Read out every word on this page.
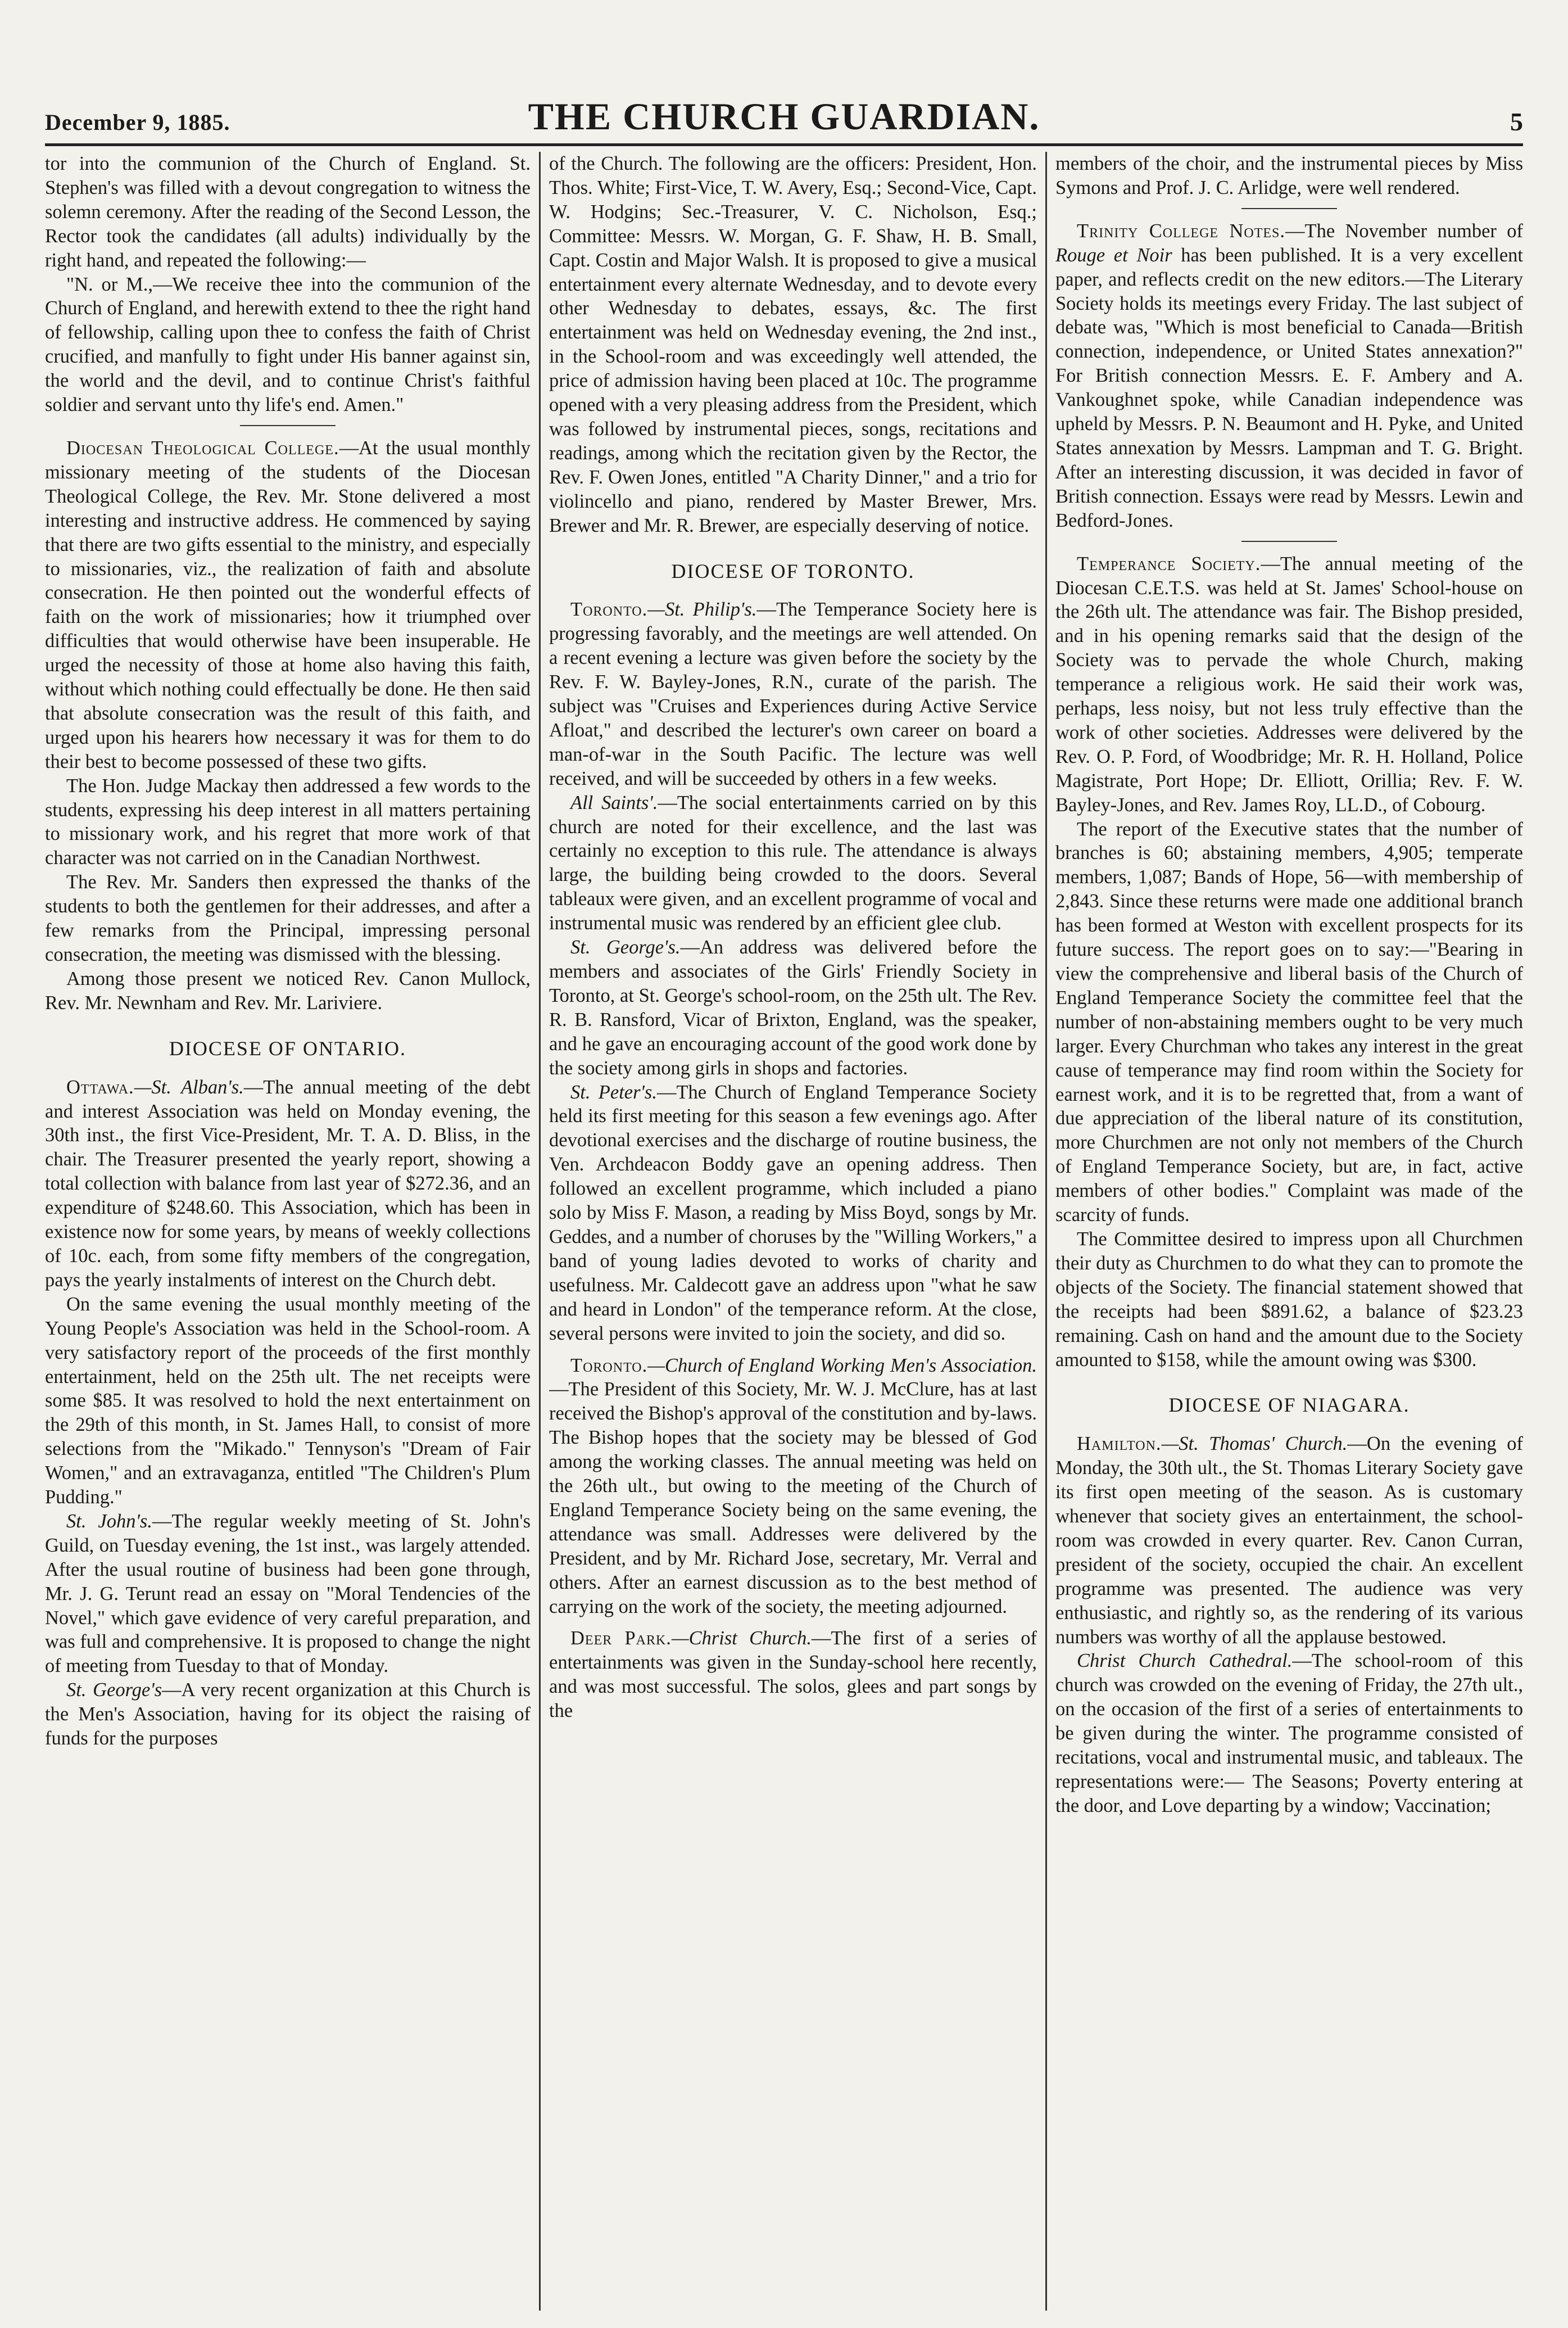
December 9, 1885.	THE CHURCH GUARDIAN.	5

tor into the communion of the Church of England. St. Stephen's was filled with a devout congregation to witness the solemn ceremony. After the reading of the Second Lesson, the Rector took the candidates (all adults) individually by the right hand, and repeated the following:—

"N. or M.,—We receive thee into the communion of the Church of England, and herewith extend to thee the right hand of fellowship, calling upon thee to confess the faith of Christ crucified, and manfully to fight under His banner against sin, the world and the devil, and to continue Christ's faithful soldier and servant unto thy life's end. Amen."

Diocesan Theological College.—At the usual monthly missionary meeting of the students of the Diocesan Theological College, the Rev. Mr. Stone delivered a most interesting and instructive address. He commenced by saying that there are two gifts essential to the ministry, and especially to missionaries, viz., the realization of faith and absolute consecration. He then pointed out the wonderful effects of faith on the work of missionaries; how it triumphed over difficulties that would otherwise have been insuperable. He urged the necessity of those at home also having this faith, without which nothing could effectually be done. He then said that absolute consecration was the result of this faith, and urged upon his hearers how necessary it was for them to do their best to become possessed of these two gifts.

The Hon. Judge Mackay then addressed a few words to the students, expressing his deep interest in all matters pertaining to missionary work, and his regret that more work of that character was not carried on in the Canadian Northwest.

The Rev. Mr. Sanders then expressed the thanks of the students to both the gentlemen for their addresses, and after a few remarks from the Principal, impressing personal consecration, the meeting was dismissed with the blessing.

Among those present we noticed Rev. Canon Mullock, Rev. Mr. Newnham and Rev. Mr. Lariviere.

DIOCESE OF ONTARIO.

Ottawa.—St. Alban's.—The annual meeting of the debt and interest Association was held on Monday evening, the 30th inst., the first Vice-President, Mr. T. A. D. Bliss, in the chair. The Treasurer presented the yearly report, showing a total collection with balance from last year of $272.36, and an expenditure of $248.60. This Association, which has been in existence now for some years, by means of weekly collections of 10c. each, from some fifty members of the congregation, pays the yearly instalments of interest on the Church debt.

On the same evening the usual monthly meeting of the Young People's Association was held in the School-room. A very satisfactory report of the proceeds of the first monthly entertainment, held on the 25th ult. The net receipts were some $85. It was resolved to hold the next entertainment on the 29th of this month, in St. James Hall, to consist of more selections from the "Mikado." Tennyson's "Dream of Fair Women," and an extravaganza, entitled "The Children's Plum Pudding."

St. John's.—The regular weekly meeting of St. John's Guild, on Tuesday evening, the 1st inst., was largely attended. After the usual routine of business had been gone through, Mr. J. G. Terunt read an essay on "Moral Tendencies of the Novel," which gave evidence of very careful preparation, and was full and comprehensive. It is proposed to change the night of meeting from Tuesday to that of Monday.

St. George's—A very recent organization at this Church is the Men's Association, having for its object the raising of funds for the purposes

of the Church. The following are the officers: President, Hon. Thos. White; First-Vice, T. W. Avery, Esq.; Second-Vice, Capt. W. Hodgins; Sec.-Treasurer, V. C. Nicholson, Esq.; Committee: Messrs. W. Morgan, G. F. Shaw, H. B. Small, Capt. Costin and Major Walsh. It is proposed to give a musical entertainment every alternate Wednesday, and to devote every other Wednesday to debates, essays, &c. The first entertainment was held on Wednesday evening, the 2nd inst., in the School-room and was exceedingly well attended, the price of admission having been placed at 10c. The programme opened with a very pleasing address from the President, which was followed by instrumental pieces, songs, recitations and readings, among which the recitation given by the Rector, the Rev. F. Owen Jones, entitled "A Charity Dinner," and a trio for violincello and piano, rendered by Master Brewer, Mrs. Brewer and Mr. R. Brewer, are especially deserving of notice.

DIOCESE OF TORONTO.

Toronto.—St. Philip's.—The Temperance Society here is progressing favorably, and the meetings are well attended. On a recent evening a lecture was given before the society by the Rev. F. W. Bayley-Jones, R.N., curate of the parish. The subject was "Cruises and Experiences during Active Service Afloat," and described the lecturer's own career on board a man-of-war in the South Pacific. The lecture was well received, and will be succeeded by others in a few weeks.

All Saints'.—The social entertainments carried on by this church are noted for their excellence, and the last was certainly no exception to this rule. The attendance is always large, the building being crowded to the doors. Several tableaux were given, and an excellent programme of vocal and instrumental music was rendered by an efficient glee club.

St. George's.—An address was delivered before the members and associates of the Girls' Friendly Society in Toronto, at St. George's school-room, on the 25th ult. The Rev. R. B. Ransford, Vicar of Brixton, England, was the speaker, and he gave an encouraging account of the good work done by the society among girls in shops and factories.

St. Peter's.—The Church of England Temperance Society held its first meeting for this season a few evenings ago. After devotional exercises and the discharge of routine business, the Ven. Archdeacon Boddy gave an opening address. Then followed an excellent programme, which included a piano solo by Miss F. Mason, a reading by Miss Boyd, songs by Mr. Geddes, and a number of choruses by the "Willing Workers," a band of young ladies devoted to works of charity and usefulness. Mr. Caldecott gave an address upon "what he saw and heard in London" of the temperance reform. At the close, several persons were invited to join the society, and did so.

Toronto.—Church of England Working Men's Association.—The President of this Society, Mr. W. J. McClure, has at last received the Bishop's approval of the constitution and by-laws. The Bishop hopes that the society may be blessed of God among the working classes. The annual meeting was held on the 26th ult., but owing to the meeting of the Church of England Temperance Society being on the same evening, the attendance was small. Addresses were delivered by the President, and by Mr. Richard Jose, secretary, Mr. Verral and others. After an earnest discussion as to the best method of carrying on the work of the society, the meeting adjourned.

Deer Park.—Christ Church.—The first of a series of entertainments was given in the Sunday-school here recently, and was most successful. The solos, glees and part songs by the

members of the choir, and the instrumental pieces by Miss Symons and Prof. J. C. Arlidge, were well rendered.

Trinity College Notes.—The November number of Rouge et Noir has been published. It is a very excellent paper, and reflects credit on the new editors.—The Literary Society holds its meetings every Friday. The last subject of debate was, "Which is most beneficial to Canada—British connection, independence, or United States annexation?" For British connection Messrs. E. F. Ambery and A. Vankoughnet spoke, while Canadian independence was upheld by Messrs. P. N. Beaumont and H. Pyke, and United States annexation by Messrs. Lampman and T. G. Bright. After an interesting discussion, it was decided in favor of British connection. Essays were read by Messrs. Lewin and Bedford-Jones.

Temperance Society.—The annual meeting of the Diocesan C.E.T.S. was held at St. James' School-house on the 26th ult. The attendance was fair. The Bishop presided, and in his opening remarks said that the design of the Society was to pervade the whole Church, making temperance a religious work. He said their work was, perhaps, less noisy, but not less truly effective than the work of other societies. Addresses were delivered by the Rev. O. P. Ford, of Woodbridge; Mr. R. H. Holland, Police Magistrate, Port Hope; Dr. Elliott, Orillia; Rev. F. W. Bayley-Jones, and Rev. James Roy, LL.D., of Cobourg.

The report of the Executive states that the number of branches is 60; abstaining members, 4,905; temperate members, 1,087; Bands of Hope, 56—with membership of 2,843. Since these returns were made one additional branch has been formed at Weston with excellent prospects for its future success. The report goes on to say:—"Bearing in view the comprehensive and liberal basis of the Church of England Temperance Society the committee feel that the number of non-abstaining members ought to be very much larger. Every Churchman who takes any interest in the great cause of temperance may find room within the Society for earnest work, and it is to be regretted that, from a want of due appreciation of the liberal nature of its constitution, more Churchmen are not only not members of the Church of England Temperance Society, but are, in fact, active members of other bodies." Complaint was made of the scarcity of funds.

The Committee desired to impress upon all Churchmen their duty as Churchmen to do what they can to promote the objects of the Society. The financial statement showed that the receipts had been $891.62, a balance of $23.23 remaining. Cash on hand and the amount due to the Society amounted to $158, while the amount owing was $300.

DIOCESE OF NIAGARA.

Hamilton.—St. Thomas' Church.—On the evening of Monday, the 30th ult., the St. Thomas Literary Society gave its first open meeting of the season. As is customary whenever that society gives an entertainment, the school-room was crowded in every quarter. Rev. Canon Curran, president of the society, occupied the chair. An excellent programme was presented. The audience was very enthusiastic, and rightly so, as the rendering of its various numbers was worthy of all the applause bestowed.

Christ Church Cathedral.—The school-room of this church was crowded on the evening of Friday, the 27th ult., on the occasion of the first of a series of entertainments to be given during the winter. The programme consisted of recitations, vocal and instrumental music, and tableaux. The representations were:— The Seasons; Poverty entering at the door, and Love departing by a window; Vaccination;
